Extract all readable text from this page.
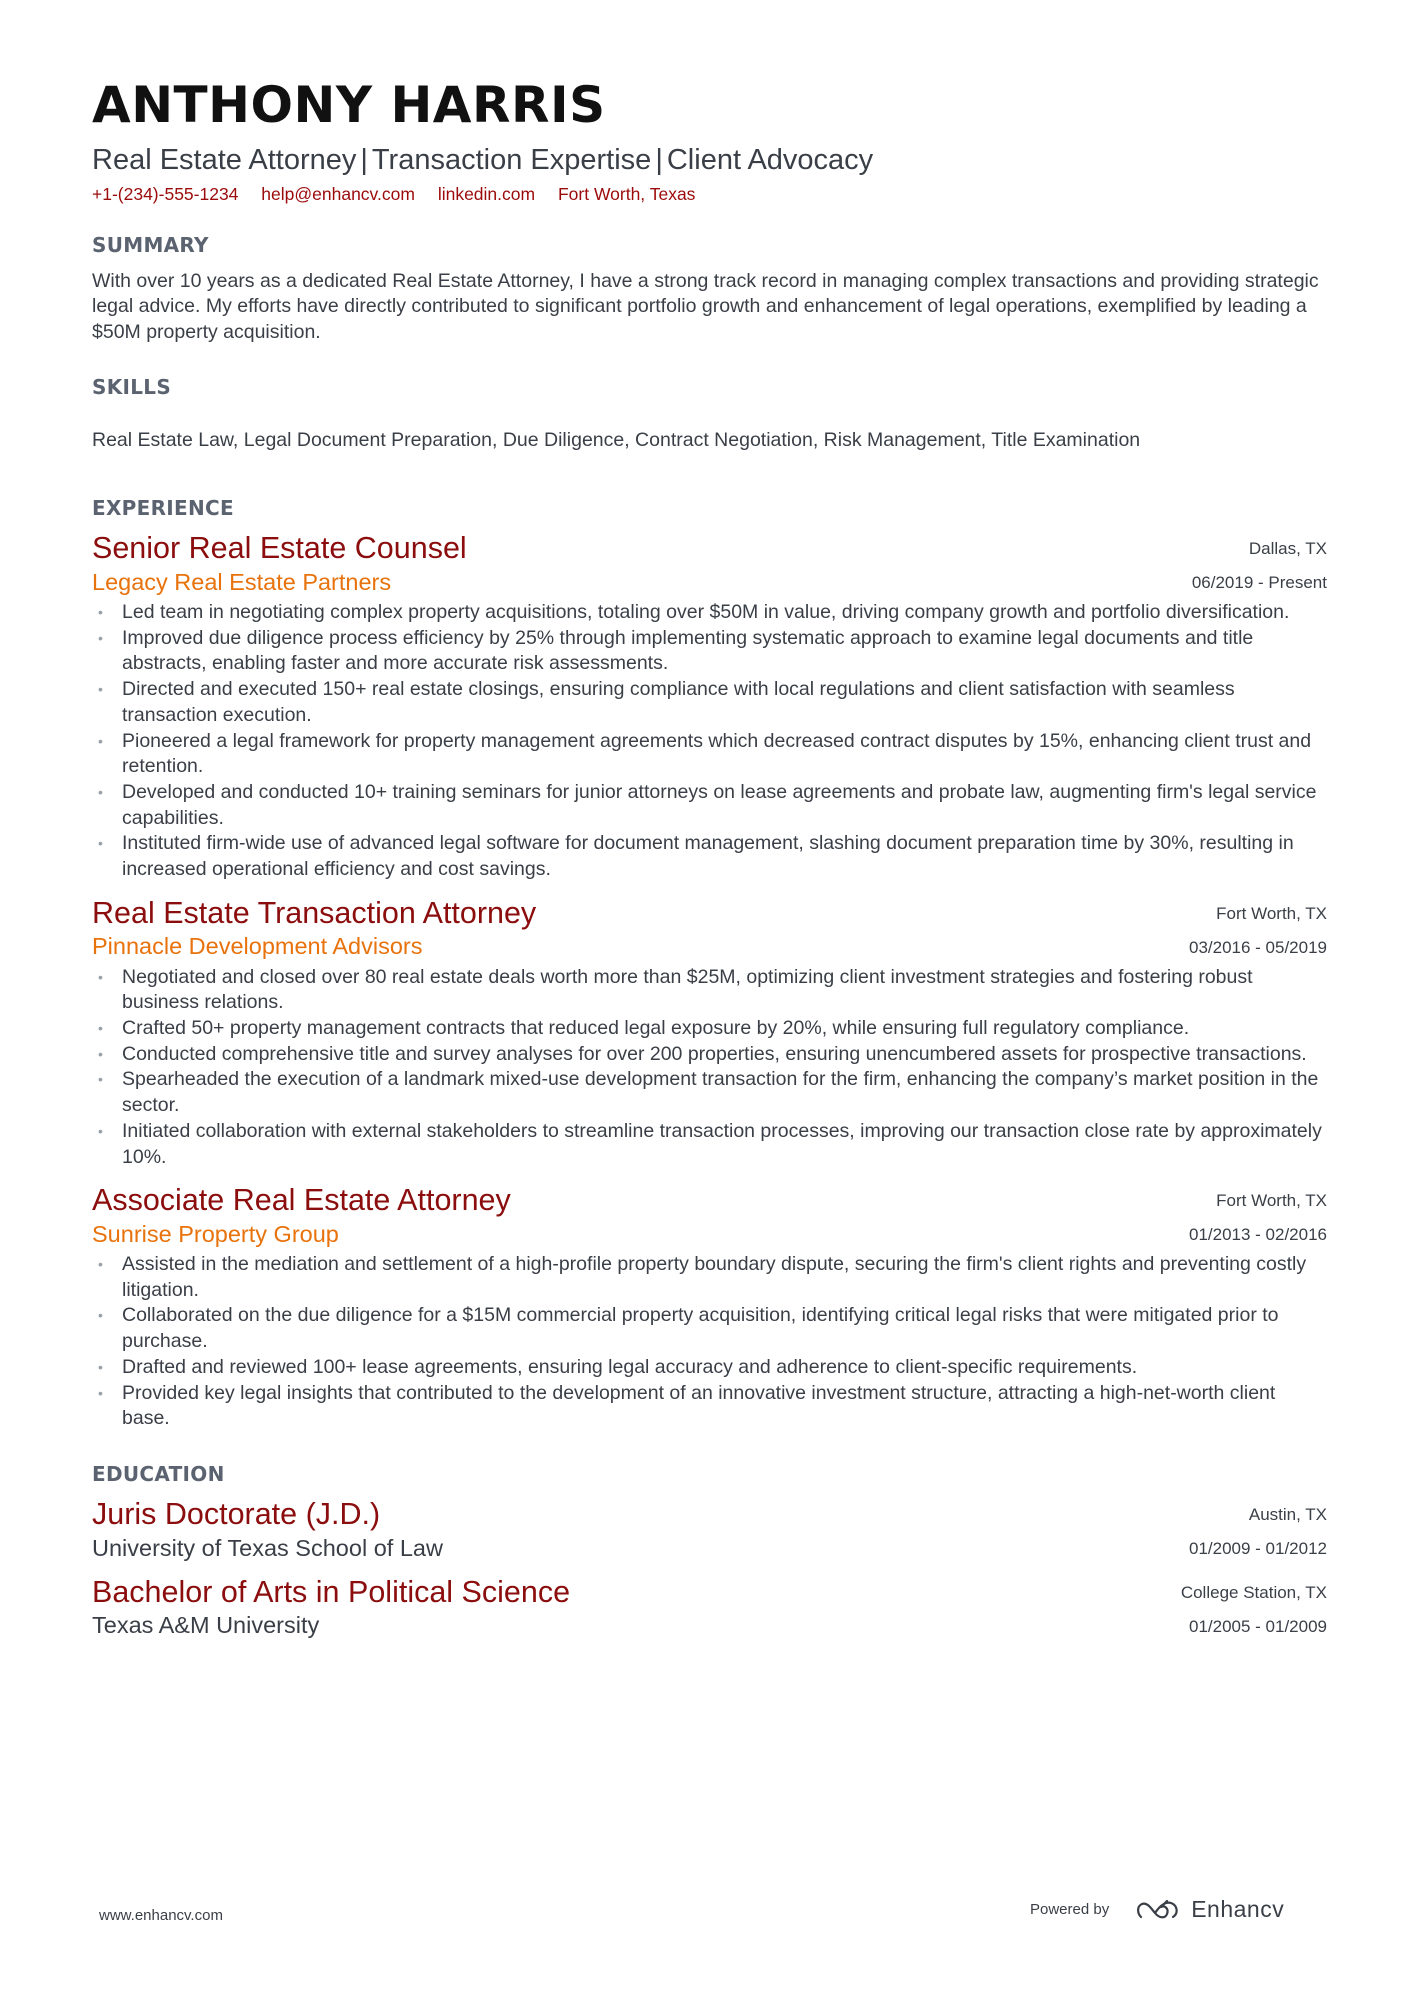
ANTHONY HARRIS
Real Estate Attorney | Transaction Expertise | Client Advocacy
+1-(234)-555-1234 help@enhancv.com linkedin.com Fort Worth, Texas
SUMMARY
With over 10 years as a dedicated Real Estate Attorney, I have a strong track record in managing complex transactions and providing strategic legal advice. My efforts have directly contributed to significant portfolio growth and enhancement of legal operations, exemplified by leading a $50M property acquisition.
SKILLS
Real Estate Law, Legal Document Preparation, Due Diligence, Contract Negotiation, Risk Management, Title Examination
EXPERIENCE
Senior Real Estate Counsel
Legacy Real Estate Partners
Dallas, TX
06/2019 - Present
• Led team in negotiating complex property acquisitions, totaling over $50M in value, driving company growth and portfolio diversification.
• Improved due diligence process efficiency by 25% through implementing systematic approach to examine legal documents and title abstracts, enabling faster and more accurate risk assessments.
• Directed and executed 150+ real estate closings, ensuring compliance with local regulations and client satisfaction with seamless transaction execution.
• Pioneered a legal framework for property management agreements which decreased contract disputes by 15%, enhancing client trust and retention.
• Developed and conducted 10+ training seminars for junior attorneys on lease agreements and probate law, augmenting firm's legal service capabilities.
• Instituted firm-wide use of advanced legal software for document management, slashing document preparation time by 30%, resulting in increased operational efficiency and cost savings.
Real Estate Transaction Attorney
Pinnacle Development Advisors
Fort Worth, TX
03/2016 - 05/2019
• Negotiated and closed over 80 real estate deals worth more than $25M, optimizing client investment strategies and fostering robust business relations.
• Crafted 50+ property management contracts that reduced legal exposure by 20%, while ensuring full regulatory compliance.
• Conducted comprehensive title and survey analyses for over 200 properties, ensuring unencumbered assets for prospective transactions.
• Spearheaded the execution of a landmark mixed-use development transaction for the firm, enhancing the company’s market position in the sector.
• Initiated collaboration with external stakeholders to streamline transaction processes, improving our transaction close rate by approximately 10%.
Associate Real Estate Attorney
Sunrise Property Group
Fort Worth, TX
01/2013 - 02/2016
• Assisted in the mediation and settlement of a high-profile property boundary dispute, securing the firm's client rights and preventing costly litigation.
• Collaborated on the due diligence for a $15M commercial property acquisition, identifying critical legal risks that were mitigated prior to purchase.
• Drafted and reviewed 100+ lease agreements, ensuring legal accuracy and adherence to client-specific requirements.
• Provided key legal insights that contributed to the development of an innovative investment structure, attracting a high-net-worth client base.
EDUCATION
Juris Doctorate (J.D.)
University of Texas School of Law
Austin, TX
01/2009 - 01/2012
Bachelor of Arts in Political Science
Texas A&M University
College Station, TX
01/2005 - 01/2009
www.enhancv.com	Powered by	Enhancv
